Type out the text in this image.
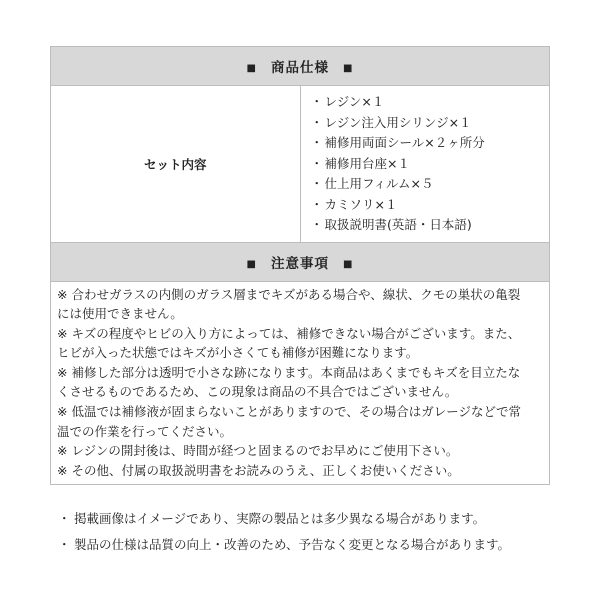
■ 商品仕様 ■
セット内容	
・レジン×１
・レジン注入用シリンジ×１
・補修用両面シール×２ヶ所分
・補修用台座×１
・仕上用フィルム×５
・カミソリ×１
・取扱説明書(英語・日本語)

■ 注意事項 ■

※ 合わせガラスの内側のガラス層までキズがある場合や、線状、クモの巣状の亀裂
には使用できません。
※ キズの程度やヒビの入り方によっては、補修できない場合がございます。また、
ヒビが入った状態ではキズが小さくても補修が困難になります。
※ 補修した部分は透明で小さな跡になります。本商品はあくまでもキズを目立たな
くさせるものであるため、この現象は商品の不具合ではございません。
※ 低温では補修液が固まらないことがありますので、その場合はガレージなどで常
温での作業を行ってください。
※ レジンの開封後は、時間が経つと固まるのでお早めにご使用下さい。
※ その他、付属の取扱説明書をお読みのうえ、正しくお使いください。
・ 掲載画像はイメージであり、実際の製品とは多少異なる場合があります。
・ 製品の仕様は品質の向上・改善のため、予告なく変更となる場合があります。
